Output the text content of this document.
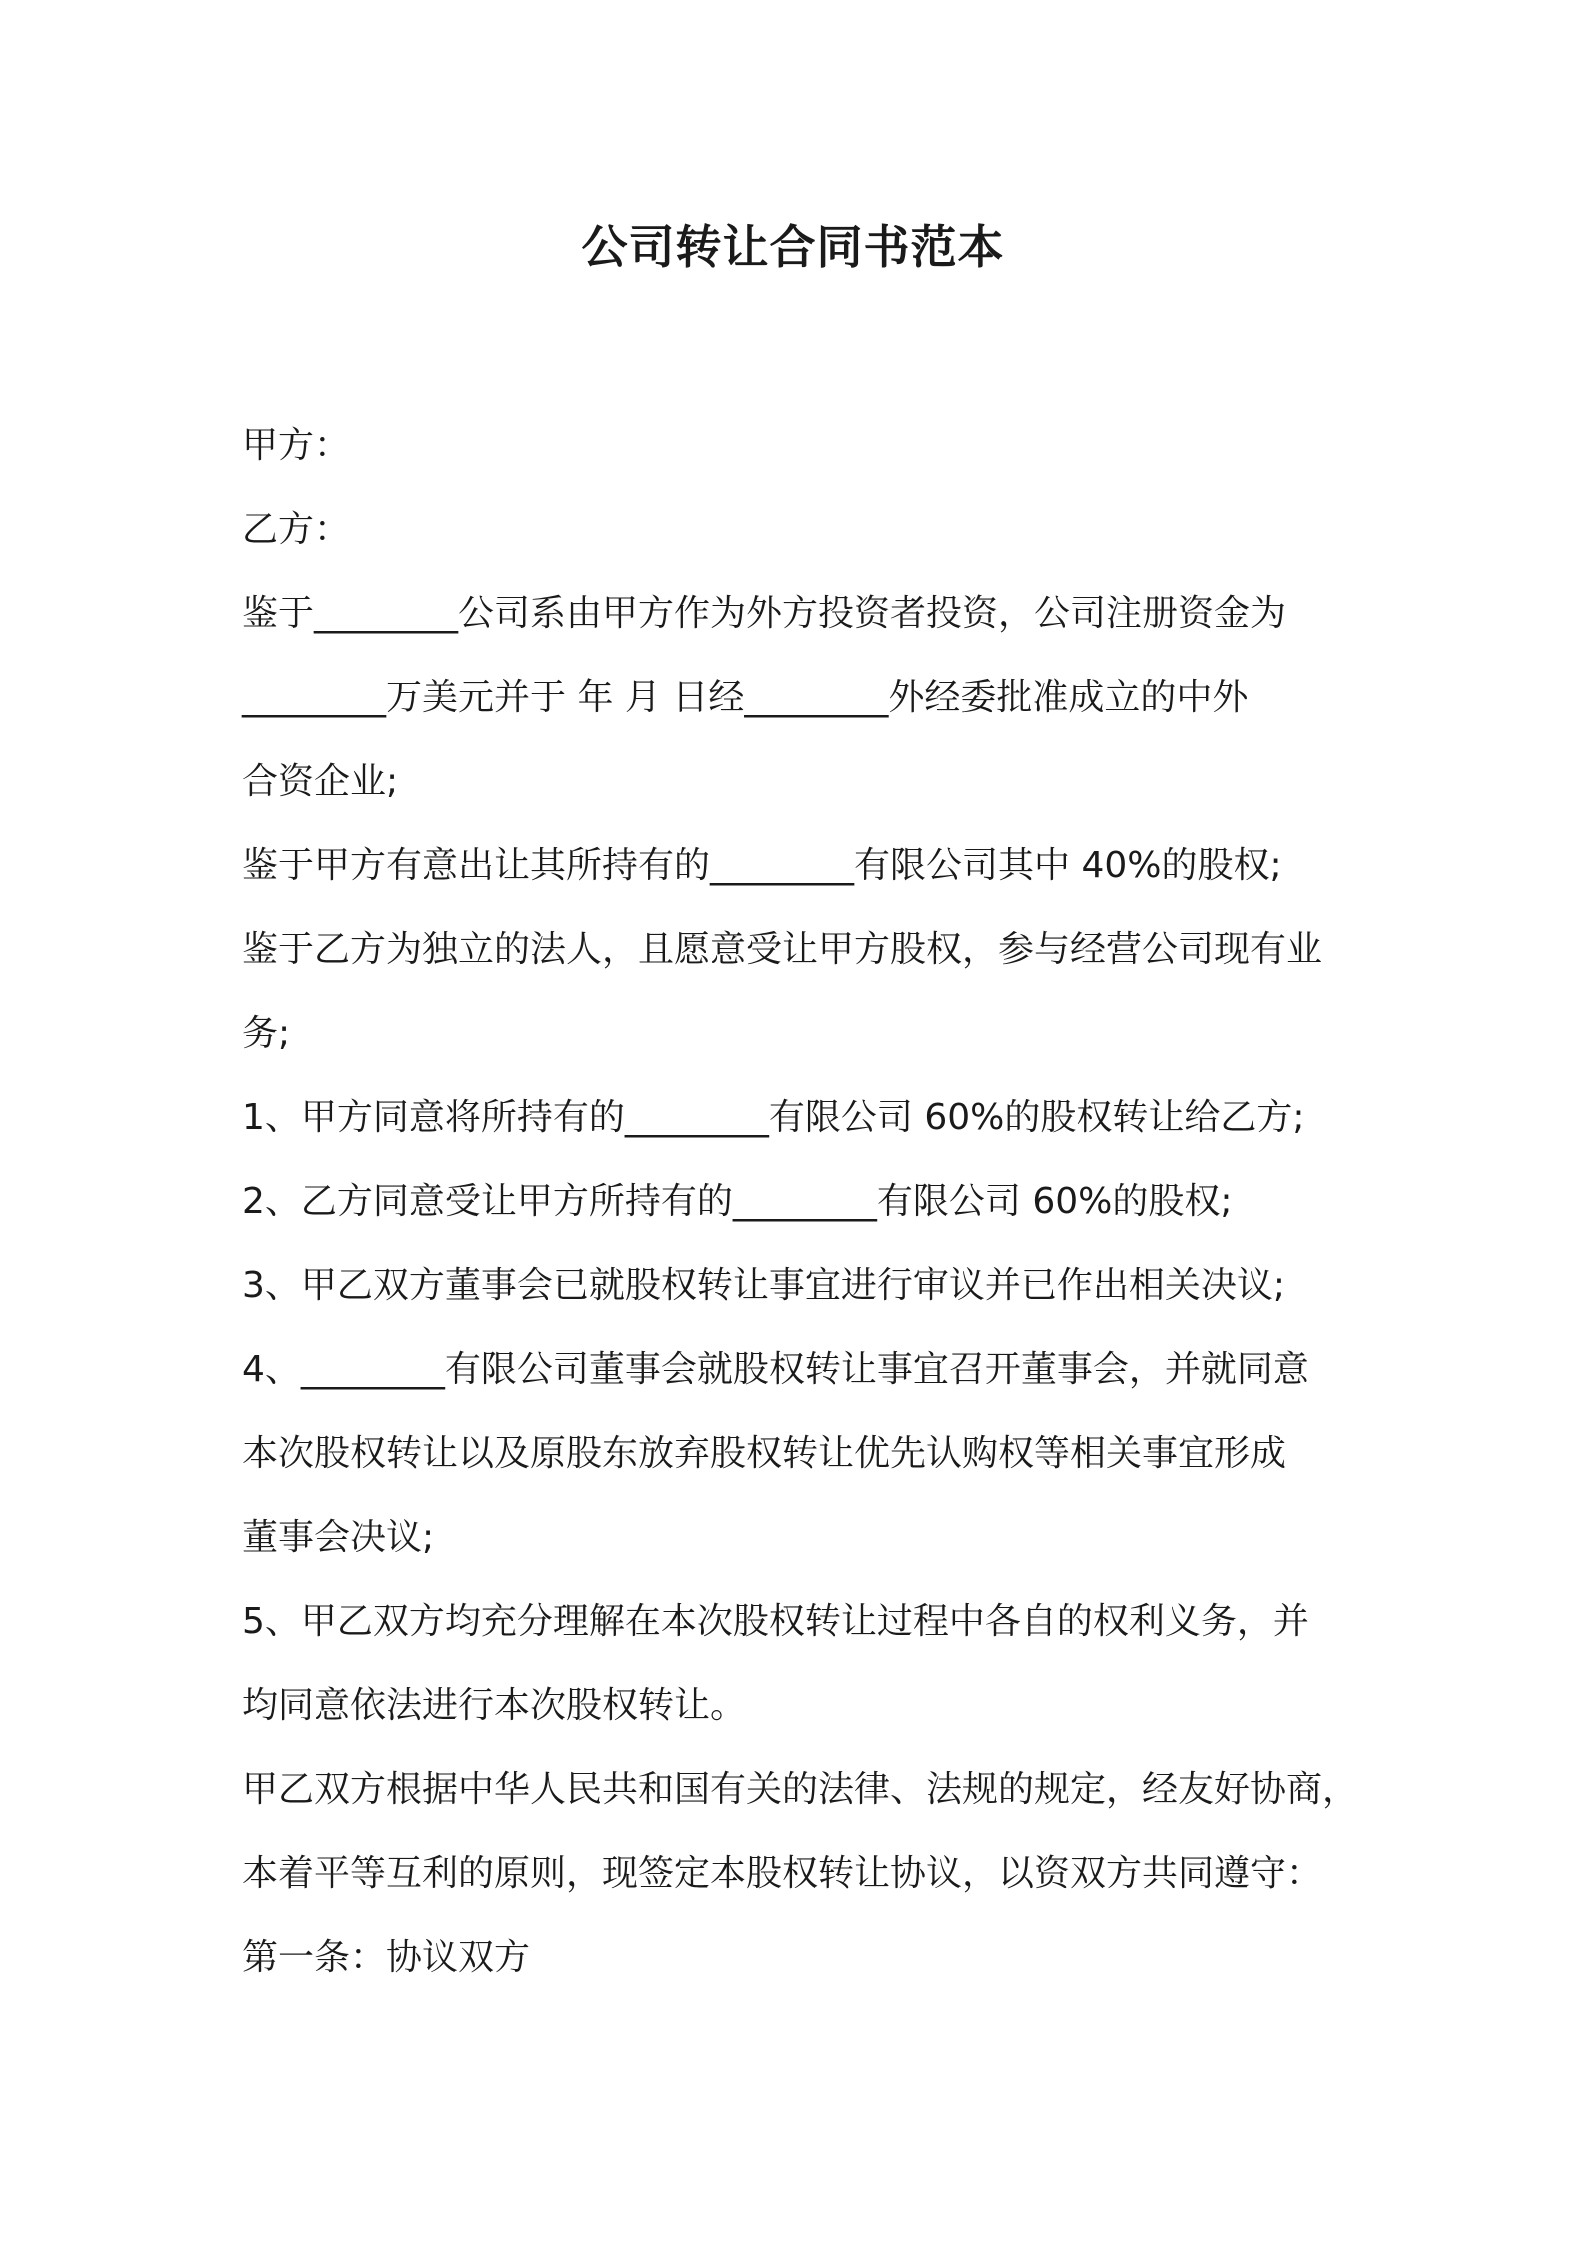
公司转让合同书范本
甲方：
乙方：
鉴于________公司系由甲方作为外方投资者投资，公司注册资金为
________万美元并于 年 月 日经________外经委批准成立的中外
合资企业;
鉴于甲方有意出让其所持有的________有限公司其中 40%的股权;
鉴于乙方为独立的法人，且愿意受让甲方股权，参与经营公司现有业
务;
1、甲方同意将所持有的________有限公司 60%的股权转让给乙方;
2、乙方同意受让甲方所持有的________有限公司 60%的股权;
3、甲乙双方董事会已就股权转让事宜进行审议并已作出相关决议;
4、________有限公司董事会就股权转让事宜召开董事会，并就同意
本次股权转让以及原股东放弃股权转让优先认购权等相关事宜形成
董事会决议;
5、甲乙双方均充分理解在本次股权转让过程中各自的权利义务，并
均同意依法进行本次股权转让。
甲乙双方根据中华人民共和国有关的法律、法规的规定，经友好协商，
本着平等互利的原则，现签定本股权转让协议，以资双方共同遵守：
第一条：协议双方
